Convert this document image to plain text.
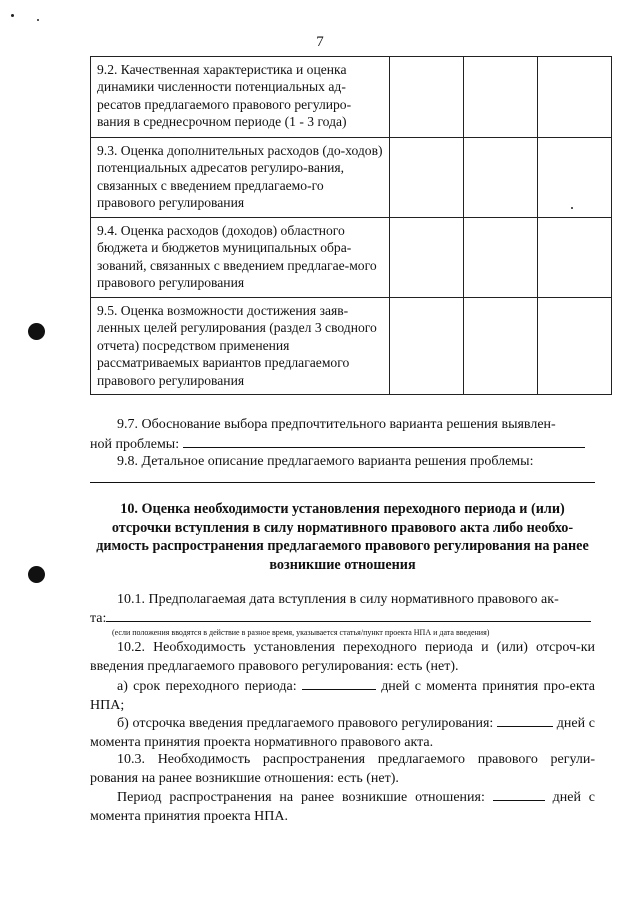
7
9.2. Качественная характеристика и оценка динамики численности потенциальных ад-ресатов предлагаемого правового регулиро-вания в среднесрочном периоде (1 - 3 года)			
9.3. Оценка дополнительных расходов (до-ходов) потенциальных адресатов регулиро-вания, связанных с введением предлагаемо-го правового регулирования			
9.4. Оценка расходов (доходов) областного бюджета и бюджетов муниципальных обра-зований, связанных с введением предлагае-мого правового регулирования			
9.5. Оценка возможности достижения заяв-ленных целей регулирования (раздел 3 сводного отчета) посредством применения рассматриваемых вариантов предлагаемого правового регулирования			
9.7. Обоснование выбора предпочтительного варианта решения выявлен-
ной проблемы:
9.8. Детальное описание предлагаемого варианта решения проблемы:
10. Оценка необходимости установления переходного периода и (или) отсрочки вступления в силу нормативного правового акта либо необхо-димость распространения предлагаемого правового регулирования на ранее возникшие отношения
10.1. Предполагаемая дата вступления в силу нормативного правового ак-
та:
(если положения вводятся в действие в разное время, указывается статья/пункт проекта НПА и дата введения)
10.2. Необходимость установления переходного периода и (или) отсроч-ки введения предлагаемого правового регулирования: есть (нет).
а) срок переходного периода:	дней с момента принятия про-екта НПА;
б) отсрочка введения предлагаемого правового регулирования:	дней с момента принятия проекта нормативного правового акта.
10.3. Необходимость распространения предлагаемого правового регули-рования на ранее возникшие отношения: есть (нет).
Период распространения на ранее возникшие отношения:	дней с момента принятия проекта НПА.
